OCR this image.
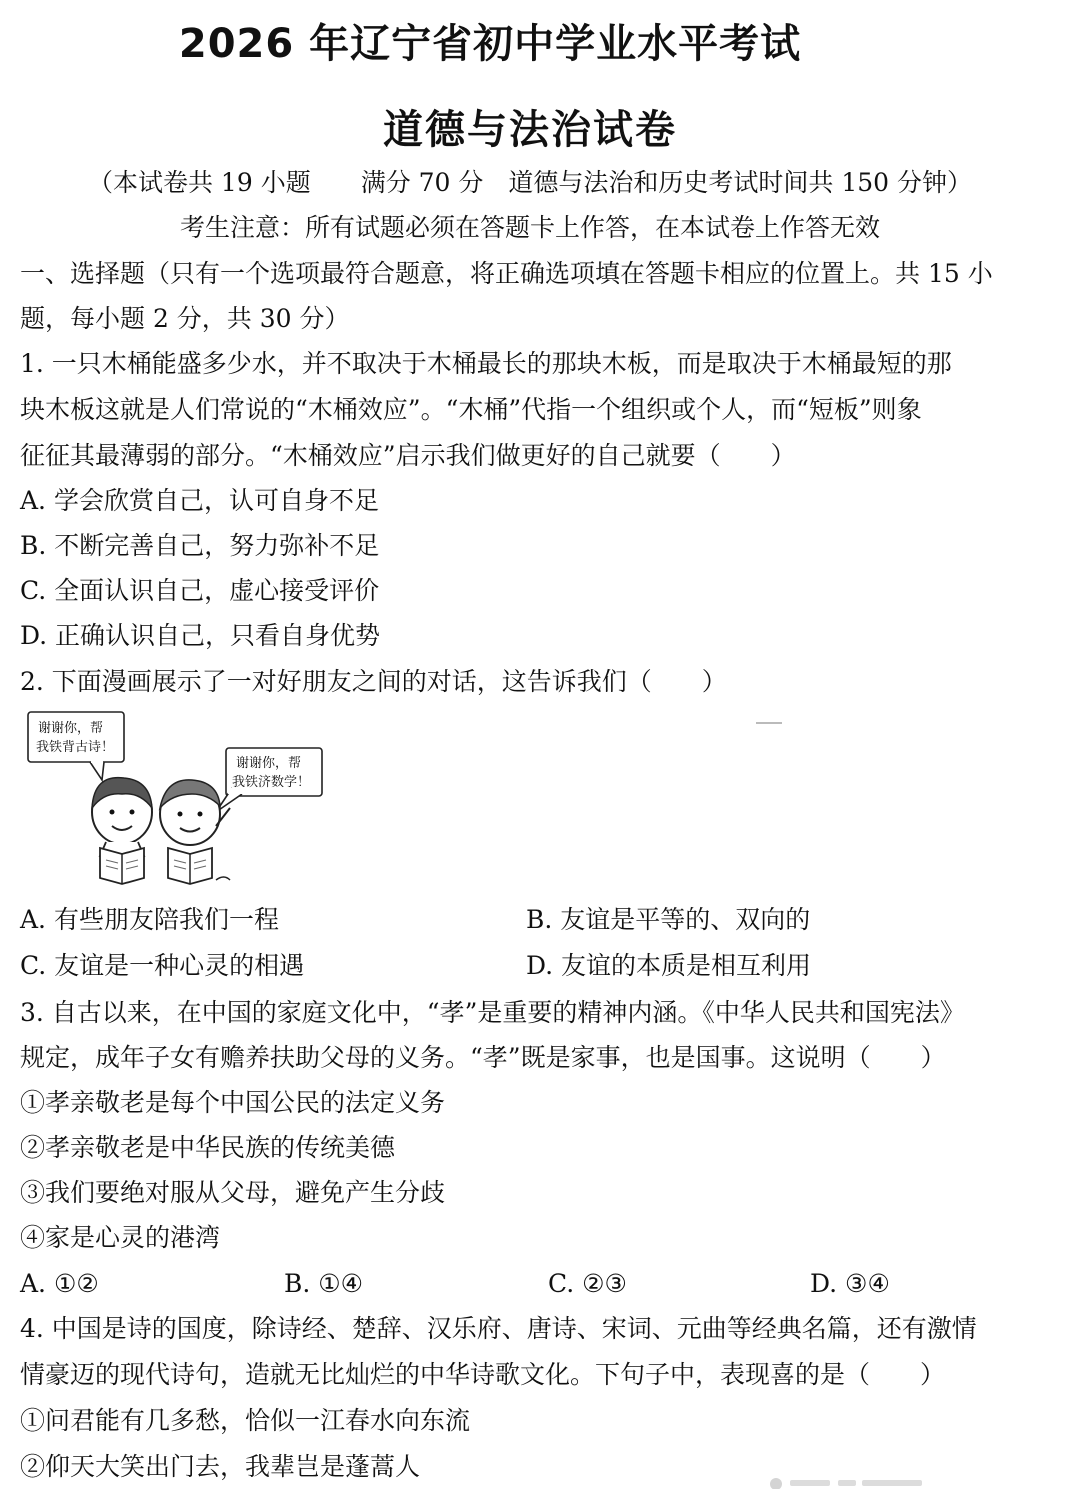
2026 年辽宁省初中学业水平考试
道德与法治试卷
（本试卷共 19 小题　　满分 70 分　道德与法治和历史考试时间共 150 分钟）
考生注意：所有试题必须在答题卡上作答，在本试卷上作答无效
一、选择题（只有一个选项最符合题意，将正确选项填在答题卡相应的位置上。共 15 小
题，每小题 2 分，共 30 分）
1. 一只木桶能盛多少水，并不取决于木桶最长的那块木板，而是取决于木桶最短的那
块木板这就是人们常说的“木桶效应”。“木桶”代指一个组织或个人，而“短板”则象
征征其最薄弱的部分。“木桶效应”启示我们做更好的自己就要（　　）
A. 学会欣赏自己，认可自身不足
B. 不断完善自己，努力弥补不足
C. 全面认识自己，虚心接受评价
D. 正确认识自己，只看自身优势
2. 下面漫画展示了一对好朋友之间的对话，这告诉我们（　　）
谢谢你，帮
我铁背古诗！
谢谢你，帮
我铁济数学！
A. 有些朋友陪我们一程	B. 友谊是平等的、双向的
C. 友谊是一种心灵的相遇	D. 友谊的本质是相互利用
3. 自古以来，在中国的家庭文化中，“孝”是重要的精神内涵。《中华人民共和国宪法》
规定，成年子女有赡养扶助父母的义务。“孝”既是家事，也是国事。这说明（　　）
①孝亲敬老是每个中国公民的法定义务
②孝亲敬老是中华民族的传统美德
③我们要绝对服从父母，避免产生分歧
④家是心灵的港湾
A. ①②	B. ①④	C. ②③	D. ③④
4. 中国是诗的国度，除诗经、楚辞、汉乐府、唐诗、宋词、元曲等经典名篇，还有激情
情豪迈的现代诗句，造就无比灿烂的中华诗歌文化。下句子中，表现喜的是（　　）
①问君能有几多愁，恰似一江春水向东流
②仰天大笑出门去，我辈岂是蓬蒿人
